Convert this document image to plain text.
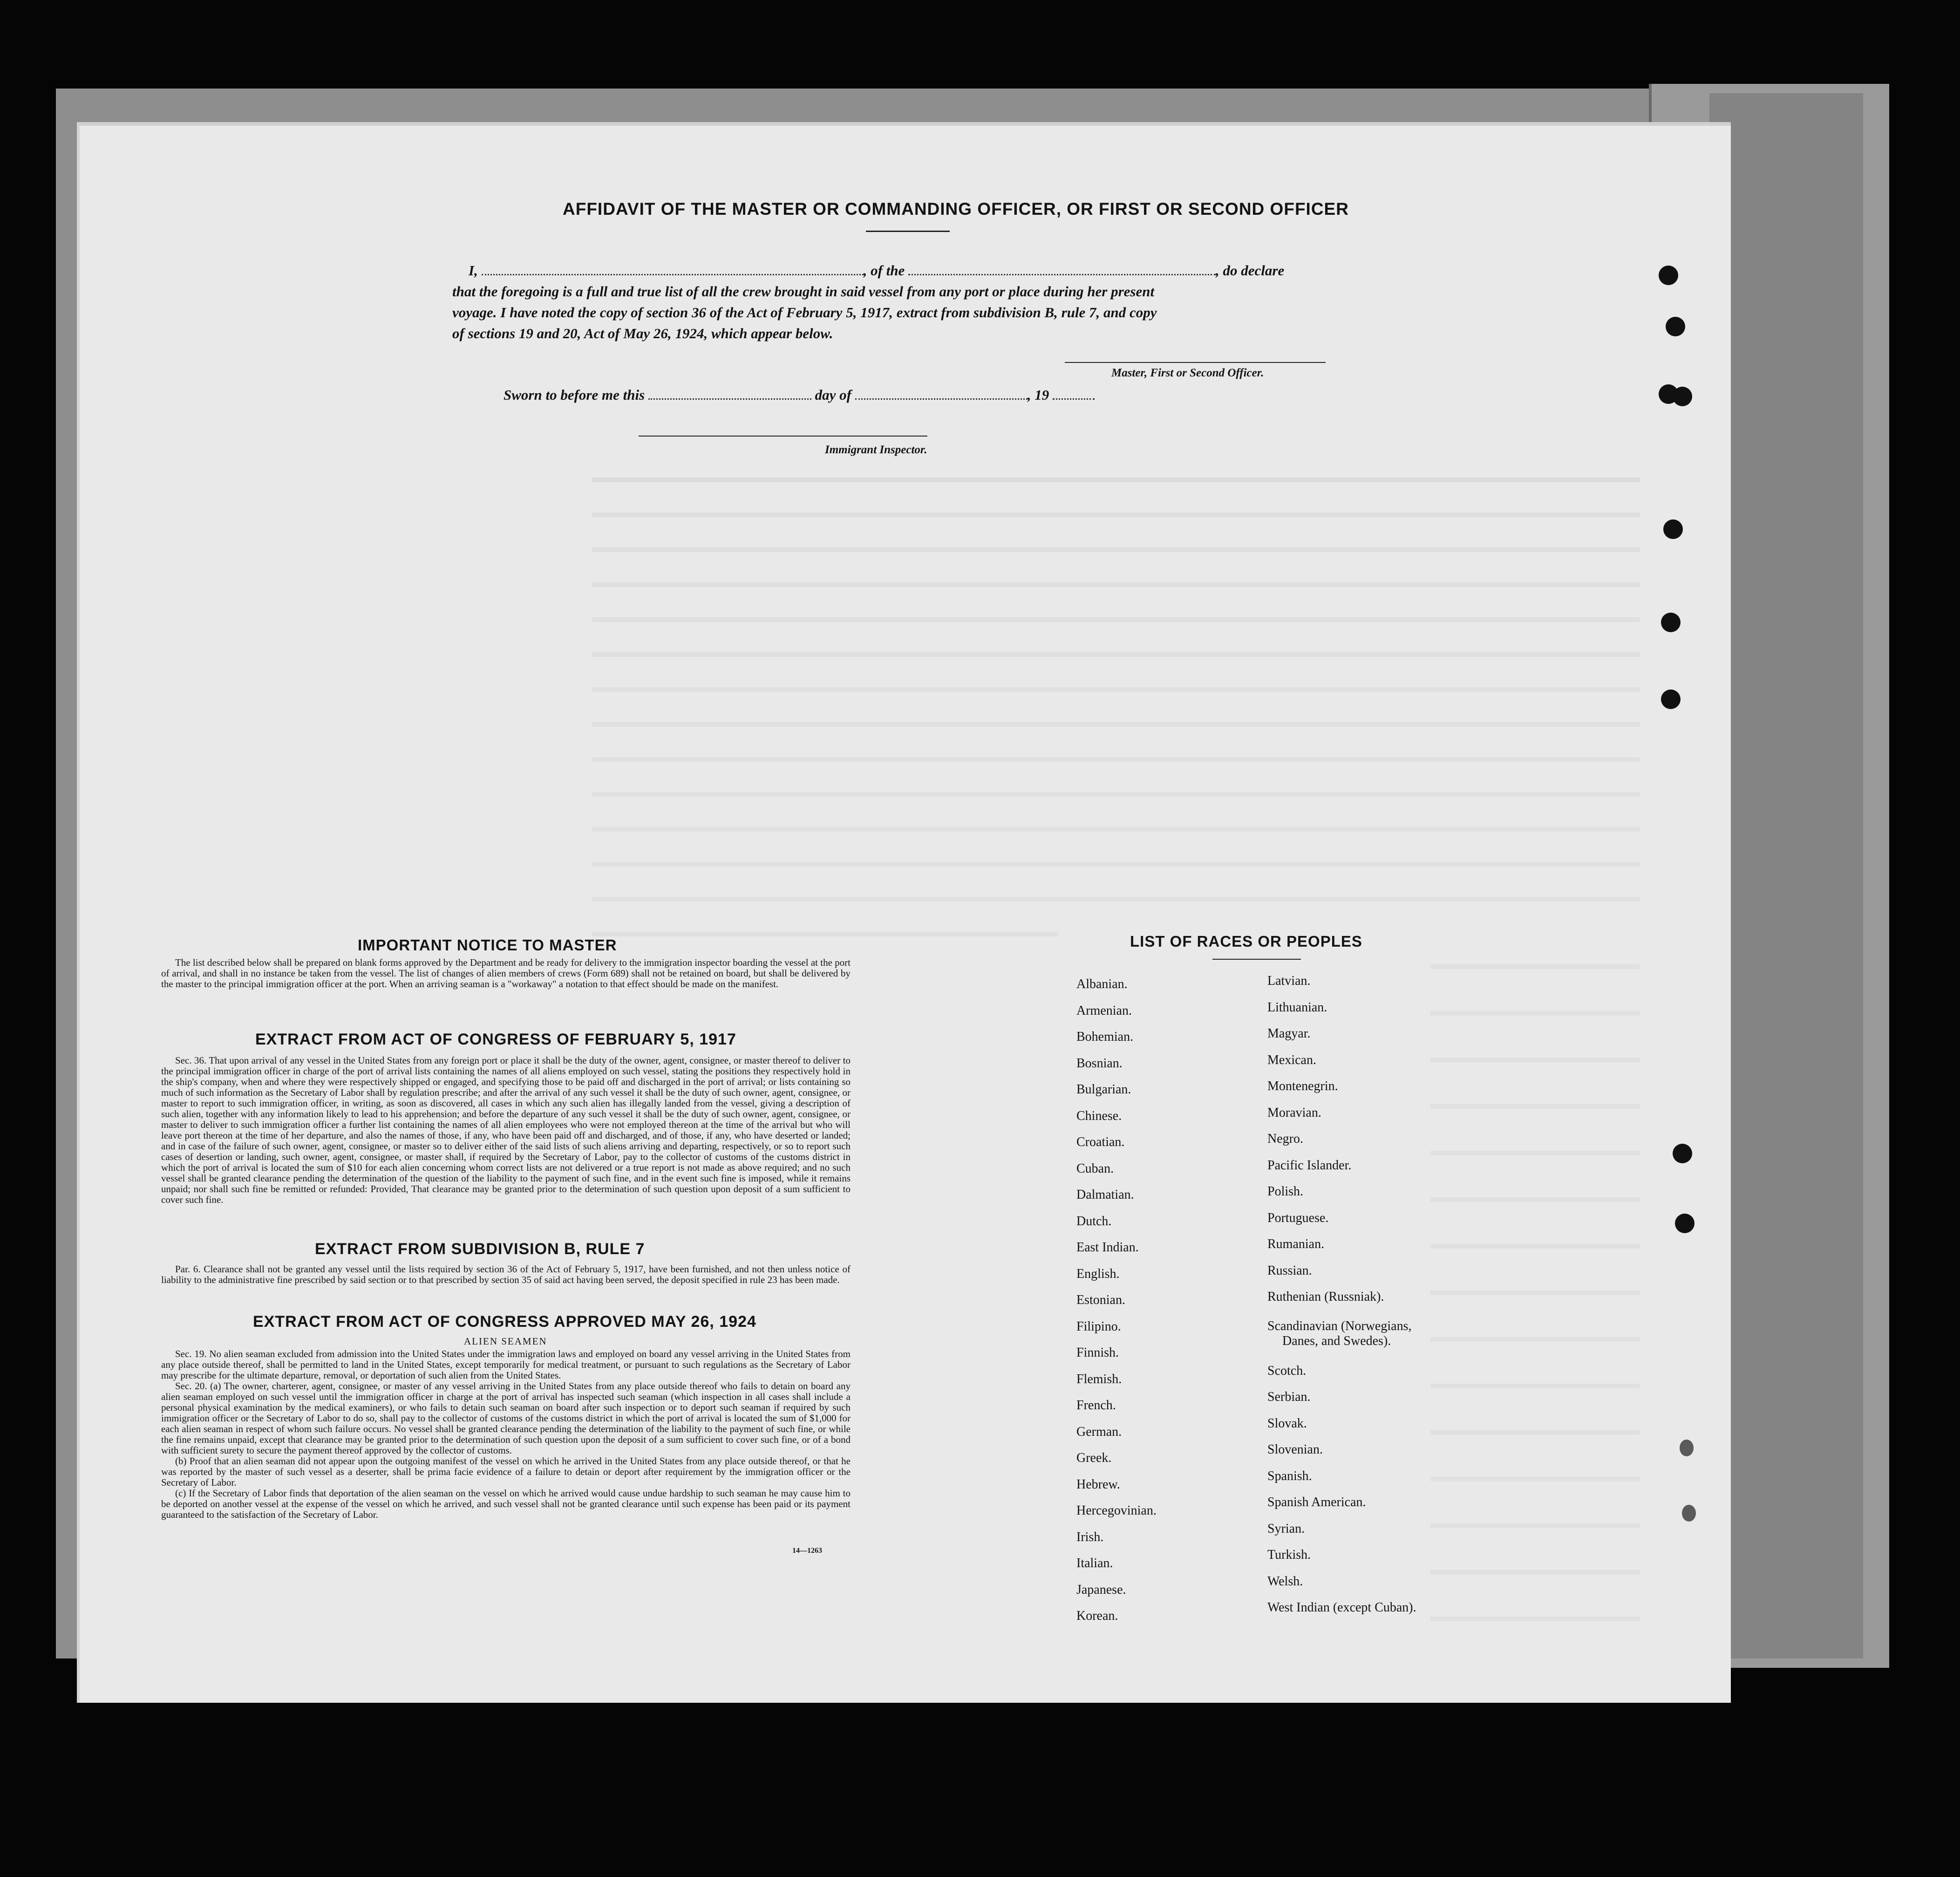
AFFIDAVIT OF THE MASTER OR COMMANDING OFFICER, OR FIRST OR SECOND OFFICER
I,	, of the	, do declare
that the foregoing is a full and true list of all the crew brought in said vessel from any port or place during her present
voyage. I have noted the copy of section 36 of the Act of February 5, 1917, extract from subdivision B, rule 7, and copy
of sections 19 and 20, Act of May 26, 1924, which appear below.
Master, First or Second Officer.
Sworn to before me this	day of	, 19
Immigrant Inspector.
IMPORTANT NOTICE TO MASTER

The list described below shall be prepared on blank forms approved by the Department and be ready for delivery to the immigration inspector boarding the vessel at the port of arrival, and shall in no instance be taken from the vessel. The list of changes of alien members of crews (Form 689) shall not be retained on board, but shall be delivered by the master to the principal immigration officer at the port. When an arriving seaman is a "workaway" a notation to that effect should be made on the manifest.

EXTRACT FROM ACT OF CONGRESS OF FEBRUARY 5, 1917

Sec. 36. That upon arrival of any vessel in the United States from any foreign port or place it shall be the duty of the owner, agent, consignee, or master thereof to deliver to the principal immigration officer in charge of the port of arrival lists containing the names of all aliens employed on such vessel, stating the positions they respectively hold in the ship's company, when and where they were respectively shipped or engaged, and specifying those to be paid off and discharged in the port of arrival; or lists containing so much of such information as the Secretary of Labor shall by regulation prescribe; and after the arrival of any such vessel it shall be the duty of such owner, agent, consignee, or master to report to such immigration officer, in writing, as soon as discovered, all cases in which any such alien has illegally landed from the vessel, giving a description of such alien, together with any information likely to lead to his apprehension; and before the departure of any such vessel it shall be the duty of such owner, agent, consignee, or master to deliver to such immigration officer a further list containing the names of all alien employees who were not employed thereon at the time of the arrival but who will leave port thereon at the time of her departure, and also the names of those, if any, who have been paid off and discharged, and of those, if any, who have deserted or landed; and in case of the failure of such owner, agent, consignee, or master so to deliver either of the said lists of such aliens arriving and departing, respectively, or so to report such cases of desertion or landing, such owner, agent, consignee, or master shall, if required by the Secretary of Labor, pay to the collector of customs of the customs district in which the port of arrival is located the sum of $10 for each alien concerning whom correct lists are not delivered or a true report is not made as above required; and no such vessel shall be granted clearance pending the determination of the question of the liability to the payment of such fine, and in the event such fine is imposed, while it remains unpaid; nor shall such fine be remitted or refunded: Provided, That clearance may be granted prior to the determination of such question upon deposit of a sum sufficient to cover such fine.

EXTRACT FROM SUBDIVISION B, RULE 7

Par. 6. Clearance shall not be granted any vessel until the lists required by section 36 of the Act of February 5, 1917, have been furnished, and not then unless notice of liability to the administrative fine prescribed by said section or to that prescribed by section 35 of said act having been served, the deposit specified in rule 23 has been made.

EXTRACT FROM ACT OF CONGRESS APPROVED MAY 26, 1924
ALIEN SEAMEN

Sec. 19. No alien seaman excluded from admission into the United States under the immigration laws and employed on board any vessel arriving in the United States from any place outside thereof, shall be permitted to land in the United States, except temporarily for medical treatment, or pursuant to such regulations as the Secretary of Labor may prescribe for the ultimate departure, removal, or deportation of such alien from the United States.

Sec. 20. (a) The owner, charterer, agent, consignee, or master of any vessel arriving in the United States from any place outside thereof who fails to detain on board any alien seaman employed on such vessel until the immigration officer in charge at the port of arrival has inspected such seaman (which inspection in all cases shall include a personal physical examination by the medical examiners), or who fails to detain such seaman on board after such inspection or to deport such seaman if required by such immigration officer or the Secretary of Labor to do so, shall pay to the collector of customs of the customs district in which the port of arrival is located the sum of $1,000 for each alien seaman in respect of whom such failure occurs. No vessel shall be granted clearance pending the determination of the liability to the payment of such fine, or while the fine remains unpaid, except that clearance may be granted prior to the determination of such question upon the deposit of a sum sufficient to cover such fine, or of a bond with sufficient surety to secure the payment thereof approved by the collector of customs.

(b) Proof that an alien seaman did not appear upon the outgoing manifest of the vessel on which he arrived in the United States from any place outside thereof, or that he was reported by the master of such vessel as a deserter, shall be prima facie evidence of a failure to detain or deport after requirement by the immigration officer or the Secretary of Labor.

(c) If the Secretary of Labor finds that deportation of the alien seaman on the vessel on which he arrived would cause undue hardship to such seaman he may cause him to be deported on another vessel at the expense of the vessel on which he arrived, and such vessel shall not be granted clearance until such expense has been paid or its payment guaranteed to the satisfaction of the Secretary of Labor.

14—1263
LIST OF RACES OR PEOPLES
Albanian.
Armenian.
Bohemian.
Bosnian.
Bulgarian.
Chinese.
Croatian.
Cuban.
Dalmatian.
Dutch.
East Indian.
English.
Estonian.
Filipino.
Finnish.
Flemish.
French.
German.
Greek.
Hebrew.
Hercegovinian.
Irish.
Italian.
Japanese.
Korean.
Latvian.
Lithuanian.
Magyar.
Mexican.
Montenegrin.
Moravian.
Negro.
Pacific Islander.
Polish.
Portuguese.
Rumanian.
Russian.
Ruthenian (Russniak).
Scandinavian (Norwegians,
Danes, and Swedes).
Scotch.
Serbian.
Slovak.
Slovenian.
Spanish.
Spanish American.
Syrian.
Turkish.
Welsh.
West Indian (except Cuban).
